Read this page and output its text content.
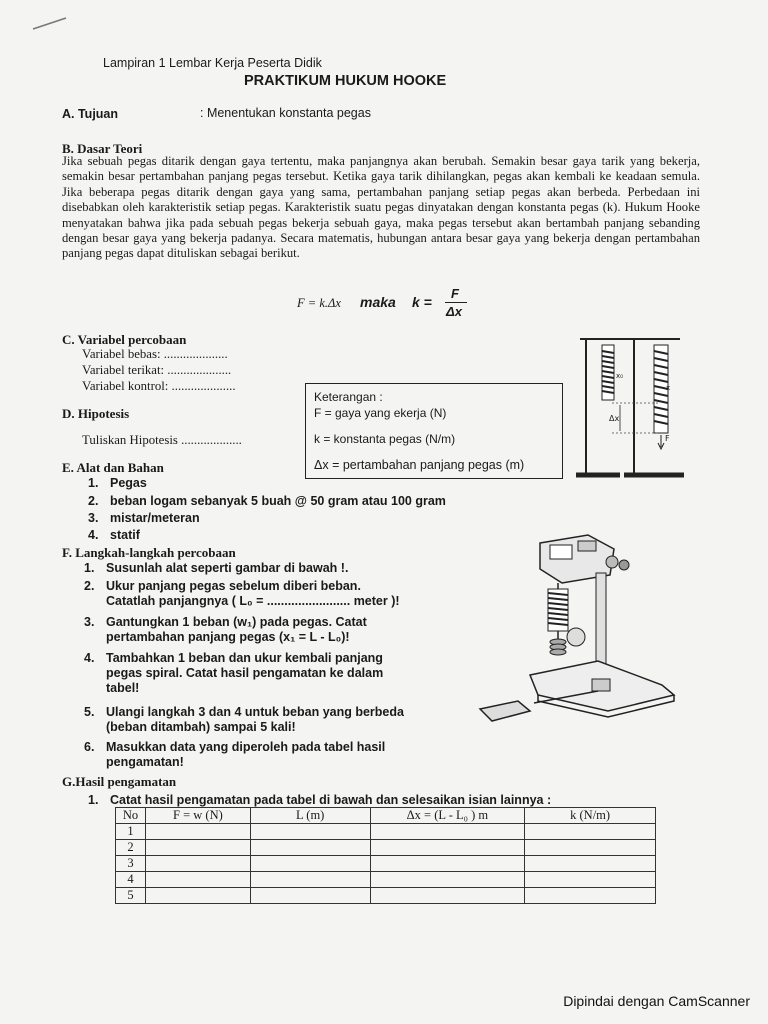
Lampiran 1 Lembar Kerja Peserta Didik
PRAKTIKUM HUKUM HOOKE
A. Tujuan	: Menentukan konstanta pegas
B. Dasar Teori
Jika sebuah pegas ditarik dengan gaya tertentu, maka panjangnya akan berubah. Semakin besar gaya tarik yang bekerja, semakin besar pertambahan panjang pegas tersebut. Ketika gaya tarik dihilangkan, pegas akan kembali ke keadaan semula. Jika beberapa pegas ditarik dengan gaya yang sama, pertambahan panjang setiap pegas akan berbeda. Perbedaan ini disebabkan oleh karakteristik setiap pegas. Karakteristik suatu pegas dinyatakan dengan konstanta pegas (k). Hukum Hooke menyatakan bahwa jika pada sebuah pegas bekerja sebuah gaya, maka pegas tersebut akan bertambah panjang sebanding dengan besar gaya yang bekerja padanya. Secara matematis, hubungan antara besar gaya yang bekerja dengan pertambahan panjang pegas dapat dituliskan sebagai berikut.
F = k.Δx maka k =
F
Δx
C. Variabel percobaan
Variabel bebas: ....................
Variabel terikat: ....................
Variabel kontrol: ....................
D. Hipotesis
Tuliskan Hipotesis ...................
Keterangan :
F = gaya yang ekerja (N)
k = konstanta pegas (N/m)
Δx = pertambahan panjang pegas (m)
x₀
x
Δx
F
E. Alat dan Bahan
1. Pegas
2. beban logam sebanyak 5 buah @ 50 gram atau 100 gram
3. mistar/meteran
4. statif
F. Langkah-langkah percobaan
1. Susunlah alat seperti gambar di bawah !.
2. Ukur panjang pegas sebelum diberi beban.
Catatlah panjangnya ( L₀ = ........................ meter )!
3. Gantungkan 1 beban (w₁) pada pegas. Catat
pertambahan panjang pegas (x₁ = L - L₀)!
4. Tambahkan 1 beban dan ukur kembali panjang
pegas spiral. Catat hasil pengamatan ke dalam
tabel!
5. Ulangi langkah 3 dan 4 untuk beban yang berbeda
(beban ditambah) sampai 5 kali!
6. Masukkan data yang diperoleh pada tabel hasil
pengamatan!
G.Hasil pengamatan
1. Catat hasil pengamatan pada tabel di bawah dan selesaikan isian lainnya :
No	F = w (N)	L (m)	Δx = (L - L₀ ) m	k (N/m)
1				
2				
3				
4				
5				
Dipindai dengan CamScanner
